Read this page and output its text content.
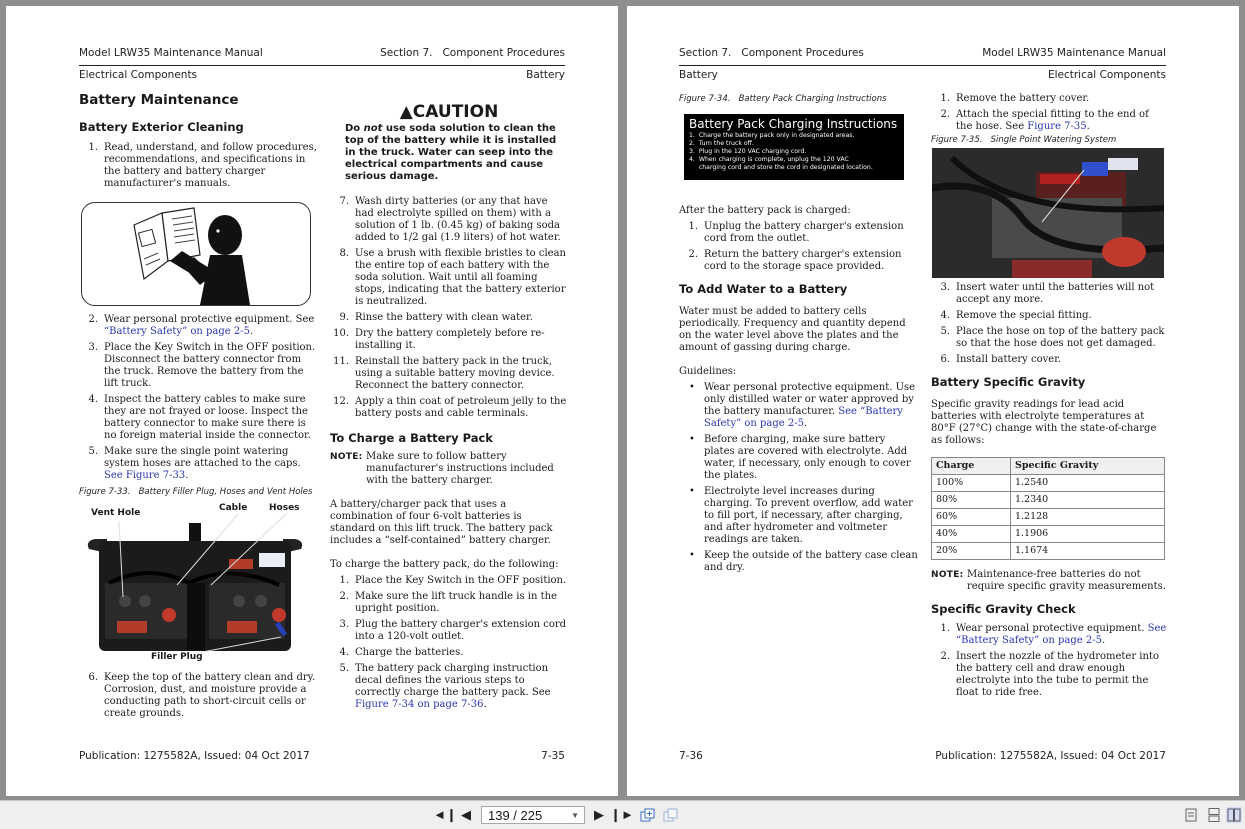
Model LRW35 Maintenance Manual	Section 7.   Component Procedures
Electrical Components	Battery
Battery Maintenance
Battery Exterior Cleaning
1. Read, understand, and follow procedures, recommendations, and specifications in the battery and battery charger manufacturer's manuals.
2. Wear personal protective equipment. See “Battery Safety” on page 2-5.
3. Place the Key Switch in the OFF position. Disconnect the battery connector from the truck. Remove the battery from the lift truck.
4. Inspect the battery cables to make sure they are not frayed or loose. Inspect the battery connector to make sure there is no foreign material inside the connector.
5. Make sure the single point watering system hoses are attached to the caps. See Figure 7-33.
Figure 7-33. Battery Filler Plug, Hoses and Vent Holes
Vent Hole	Cable Hoses
Filler Plug
6. Keep the top of the battery clean and dry. Corrosion, dust, and moisture provide a conducting path to short-circuit cells or create grounds.
▲CAUTION

Do not use soda solution to clean the top of the battery while it is installed in the truck. Water can seep into the electrical compartments and cause serious damage.

7. Wash dirty batteries (or any that have had electrolyte spilled on them) with a solution of 1 lb. (0.45 kg) of baking soda added to 1/2 gal (1.9 liters) of hot water.
8. Use a brush with flexible bristles to clean the entire top of each battery with the soda solution. Wait until all foaming stops, indicating that the battery exterior is neutralized.
9. Rinse the battery with clean water.
10. Dry the battery completely before re-installing it.
11. Reinstall the battery pack in the truck, using a suitable battery moving device. Reconnect the battery connector.
12. Apply a thin coat of petroleum jelly to the battery posts and cable terminals.
To Charge a Battery Pack
NOTE: Make sure to follow battery manufacturer's instructions included with the battery charger.

A battery/charger pack that uses a combination of four 6-volt batteries is standard on this lift truck. The battery pack includes a “self-contained” battery charger.

To charge the battery pack, do the following:

1. Place the Key Switch in the OFF position.
2. Make sure the lift truck handle is in the upright position.
3. Plug the battery charger's extension cord into a 120-volt outlet.
4. Charge the batteries.
5. The battery pack charging instruction decal defines the various steps to correctly charge the battery pack. See Figure 7-34 on page 7-36.
Publication: 1275582A, Issued: 04 Oct 2017	7-35
Section 7.   Component Procedures	Model LRW35 Maintenance Manual
Battery	Electrical Components
Figure 7-34. Battery Pack Charging Instructions
Battery Pack Charging Instructions
1.  Charge the battery pack only in designated areas.
2.  Turn the truck off.
3.  Plug in the 120 VAC charging cord.
4.  When charging is complete, unplug the 120 VAC
charging cord and store the cord in designated location.

After the battery pack is charged:

1. Unplug the battery charger's extension cord from the outlet.
2. Return the battery charger's extension cord to the storage space provided.
To Add Water to a Battery

Water must be added to battery cells periodically. Frequency and quantity depend on the water level above the plates and the amount of gassing during charge.

Guidelines:

• Wear personal protective equipment. Use only distilled water or water approved by the battery manufacturer. See “Battery Safety” on page 2-5.
• Before charging, make sure battery plates are covered with electrolyte. Add water, if necessary, only enough to cover the plates.
• Electrolyte level increases during charging. To prevent overflow, add water to fill port, if necessary, after charging, and after hydrometer and voltmeter readings are taken.
• Keep the outside of the battery case clean and dry.
1. Remove the battery cover.
2. Attach the special fitting to the end of the hose. See Figure 7-35.
Figure 7-35. Single Point Watering System
3. Insert water until the batteries will not accept any more.
4. Remove the special fitting.
5. Place the hose on top of the battery pack so that the hose does not get damaged.
6. Install battery cover.
Battery Specific Gravity

Specific gravity readings for lead acid batteries with electrolyte temperatures at 80°F (27°C) change with the state-of-charge as follows:

Charge	Specific Gravity
100%	1.2540
80%	1.2340
60%	1.2128
40%	1.1906
20%	1.1674
NOTE: Maintenance-free batteries do not require specific gravity measurements.
Specific Gravity Check
1. Wear personal protective equipment. See “Battery Safety” on page 2-5.
2. Insert the nozzle of the hydrometer into the battery cell and draw enough electrolyte into the tube to permit the float to ride free.
7-36	Publication: 1275582A, Issued: 04 Oct 2017
◄❙ ◀ 139 / 225	▼ ▶ ❙►
